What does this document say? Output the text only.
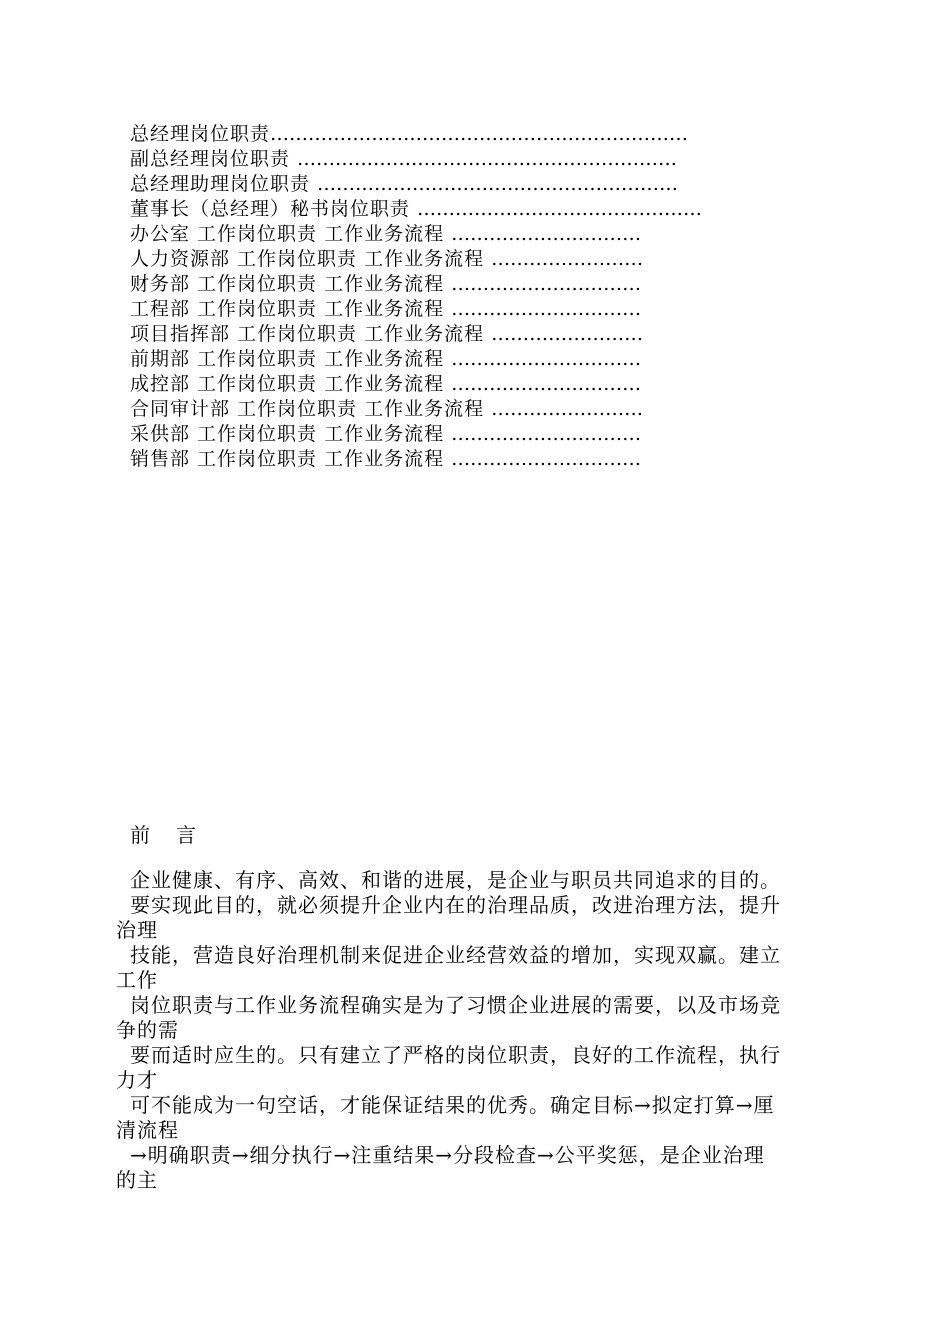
总经理岗位职责…………………………………………………………
副总经理岗位职责 ……………………………………………………
总经理助理岗位职责 …………………………………………………
董事长（总经理）秘书岗位职责 ………………………………………
办公室 工作岗位职责 工作业务流程 …………………………
人力资源部 工作岗位职责 工作业务流程 ……………………
财务部 工作岗位职责 工作业务流程 …………………………
工程部 工作岗位职责 工作业务流程 …………………………
项目指挥部 工作岗位职责 工作业务流程 ……………………
前期部 工作岗位职责 工作业务流程 …………………………
成控部 工作岗位职责 工作业务流程 …………………………
合同审计部 工作岗位职责 工作业务流程 ……………………
采供部 工作岗位职责 工作业务流程 …………………………
销售部 工作岗位职责 工作业务流程 …………………………
前言
企业健康、有序、高效、和谐的进展，是企业与职员共同追求的目的。
要实现此目的，就必须提升企业内在的治理品质，改进治理方法，提升
治理
技能，营造良好治理机制来促进企业经营效益的增加，实现双赢。建立
工作
岗位职责与工作业务流程确实是为了习惯企业进展的需要，以及市场竞
争的需
要而适时应生的。只有建立了严格的岗位职责，良好的工作流程，执行
力才
可不能成为一句空话，才能保证结果的优秀。确定目标→拟定打算→厘
清流程
→明确职责→细分执行→注重结果→分段检查→公平奖惩，是企业治理
的主
